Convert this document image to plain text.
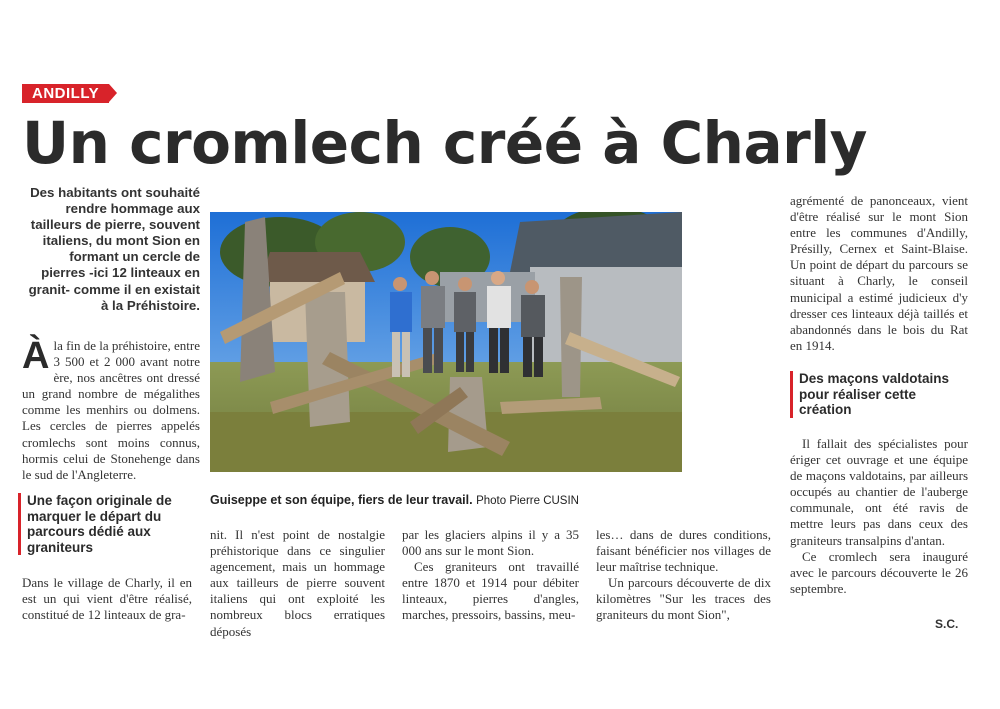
ANDILLY
Un cromlech créé à Charly
Des habitants ont souhaité rendre hommage aux tailleurs de pierre, souvent italiens, du mont Sion en formant un cercle de pierres -ici 12 linteaux en granit- comme il en existait à la Préhistoire.
Àla fin de la préhistoire, entre 3 500 et 2 000 avant notre ère, nos ancêtres ont dressé un grand nombre de mégalithes comme les menhirs ou dolmens. Les cercles de pierres appelés cromlechs sont moins connus, hormis celui de Stonehenge dans le sud de l'Angleterre.
Une façon originale de marquer le départ du parcours dédié aux graniteurs
Dans le village de Charly, il en est un qui vient d'être réalisé, constitué de 12 linteaux de gra-
nit. Il n'est point de nostalgie préhistorique dans ce singulier agencement, mais un hommage aux tailleurs de pierre souvent italiens qui ont exploité les nombreux blocs erratiques déposés
par les glaciers alpins il y a 35 000 ans sur le mont Sion.
Ces graniteurs ont travaillé entre 1870 et 1914 pour débiter linteaux, pierres d'angles, marches, pressoirs, bassins, meu-
les… dans de dures conditions, faisant bénéficier nos villages de leur maîtrise technique.
Un parcours découverte de dix kilomètres "Sur les traces des graniteurs du mont Sion",
agrémenté de panonceaux, vient d'être réalisé sur le mont Sion entre les communes d'Andilly, Présilly, Cernex et Saint-Blaise. Un point de départ du parcours se situant à Charly, le conseil municipal a estimé judicieux d'y dresser ces linteaux déjà taillés et abandonnés dans le bois du Rat en 1914.
Des maçons valdotains pour réaliser cette création
Il fallait des spécialistes pour ériger cet ouvrage et une équipe de maçons valdotains, par ailleurs occupés au chantier de l'auberge communale, ont été ravis de mettre leurs pas dans ceux des graniteurs transalpins d'antan.
Ce cromlech sera inauguré avec le parcours découverte le 26 septembre.
S.C.
Guiseppe et son équipe, fiers de leur travail. Photo Pierre CUSIN
